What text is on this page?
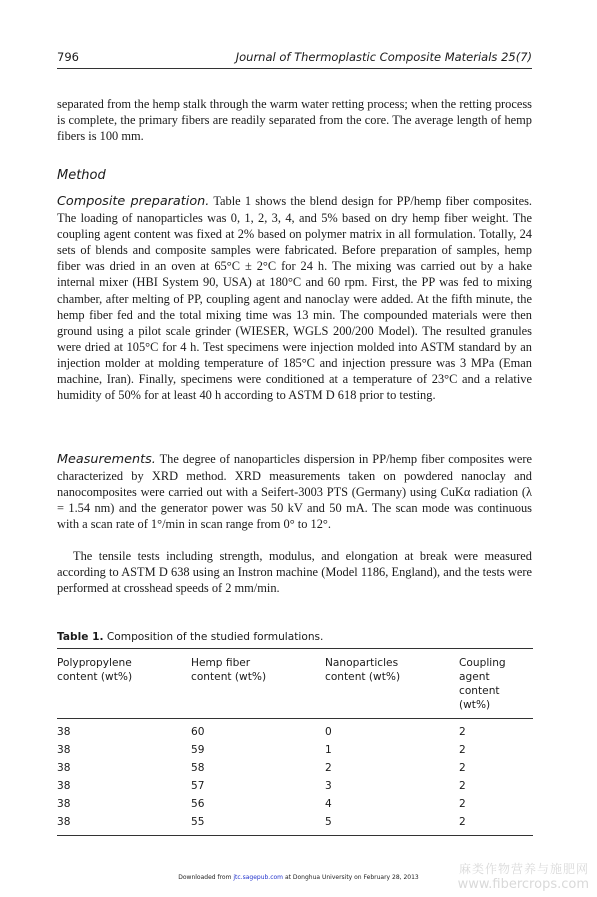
796	Journal of Thermoplastic Composite Materials 25(7)

separated from the hemp stalk through the warm water retting process; when the retting process is complete, the primary fibers are readily separated from the core. The average length of hemp fibers is 100 mm.

Method

Composite preparation. Table 1 shows the blend design for PP/hemp fiber composites. The loading of nanoparticles was 0, 1, 2, 3, 4, and 5% based on dry hemp fiber weight. The coupling agent content was fixed at 2% based on polymer matrix in all formulation. Totally, 24 sets of blends and composite samples were fabricated. Before preparation of samples, hemp fiber was dried in an oven at 65°C ± 2°C for 24 h. The mixing was carried out by a hake internal mixer (HBI System 90, USA) at 180°C and 60 rpm. First, the PP was fed to mixing chamber, after melting of PP, coupling agent and nanoclay were added. At the fifth minute, the hemp fiber fed and the total mixing time was 13 min. The compounded materials were then ground using a pilot scale grinder (WIESER, WGLS 200/200 Model). The resulted granules were dried at 105°C for 4 h. Test specimens were injection molded into ASTM standard by an injection molder at molding temperature of 185°C and injection pressure was 3 MPa (Eman machine, Iran). Finally, specimens were conditioned at a temperature of 23°C and a relative humidity of 50% for at least 40 h according to ASTM D 618 prior to testing.

Measurements. The degree of nanoparticles dispersion in PP/hemp fiber composites were characterized by XRD method. XRD measurements taken on powdered nanoclay and nanocomposites were carried out with a Seifert-3003 PTS (Germany) using CuKα radiation (λ = 1.54 nm) and the generator power was 50 kV and 50 mA. The scan mode was continuous with a scan rate of 1°/min in scan range from 0° to 12°.

The tensile tests including strength, modulus, and elongation at break were measured according to ASTM D 638 using an Instron machine (Model 1186, England), and the tests were performed at crosshead speeds of 2 mm/min.

Table 1. Composition of the studied formulations.
Polypropylene
content (wt%)	Hemp fiber
content (wt%)	Nanoparticles
content (wt%)	Coupling agent
content (wt%)

38	60	0	2
38	59	1	2
38	58	2	2
38	57	3	2
38	56	4	2
38	55	5	2
Downloaded from jtc.sagepub.com at Donghua University on February 28, 2013
麻类作物营养与施肥网
www.fibercrops.com
